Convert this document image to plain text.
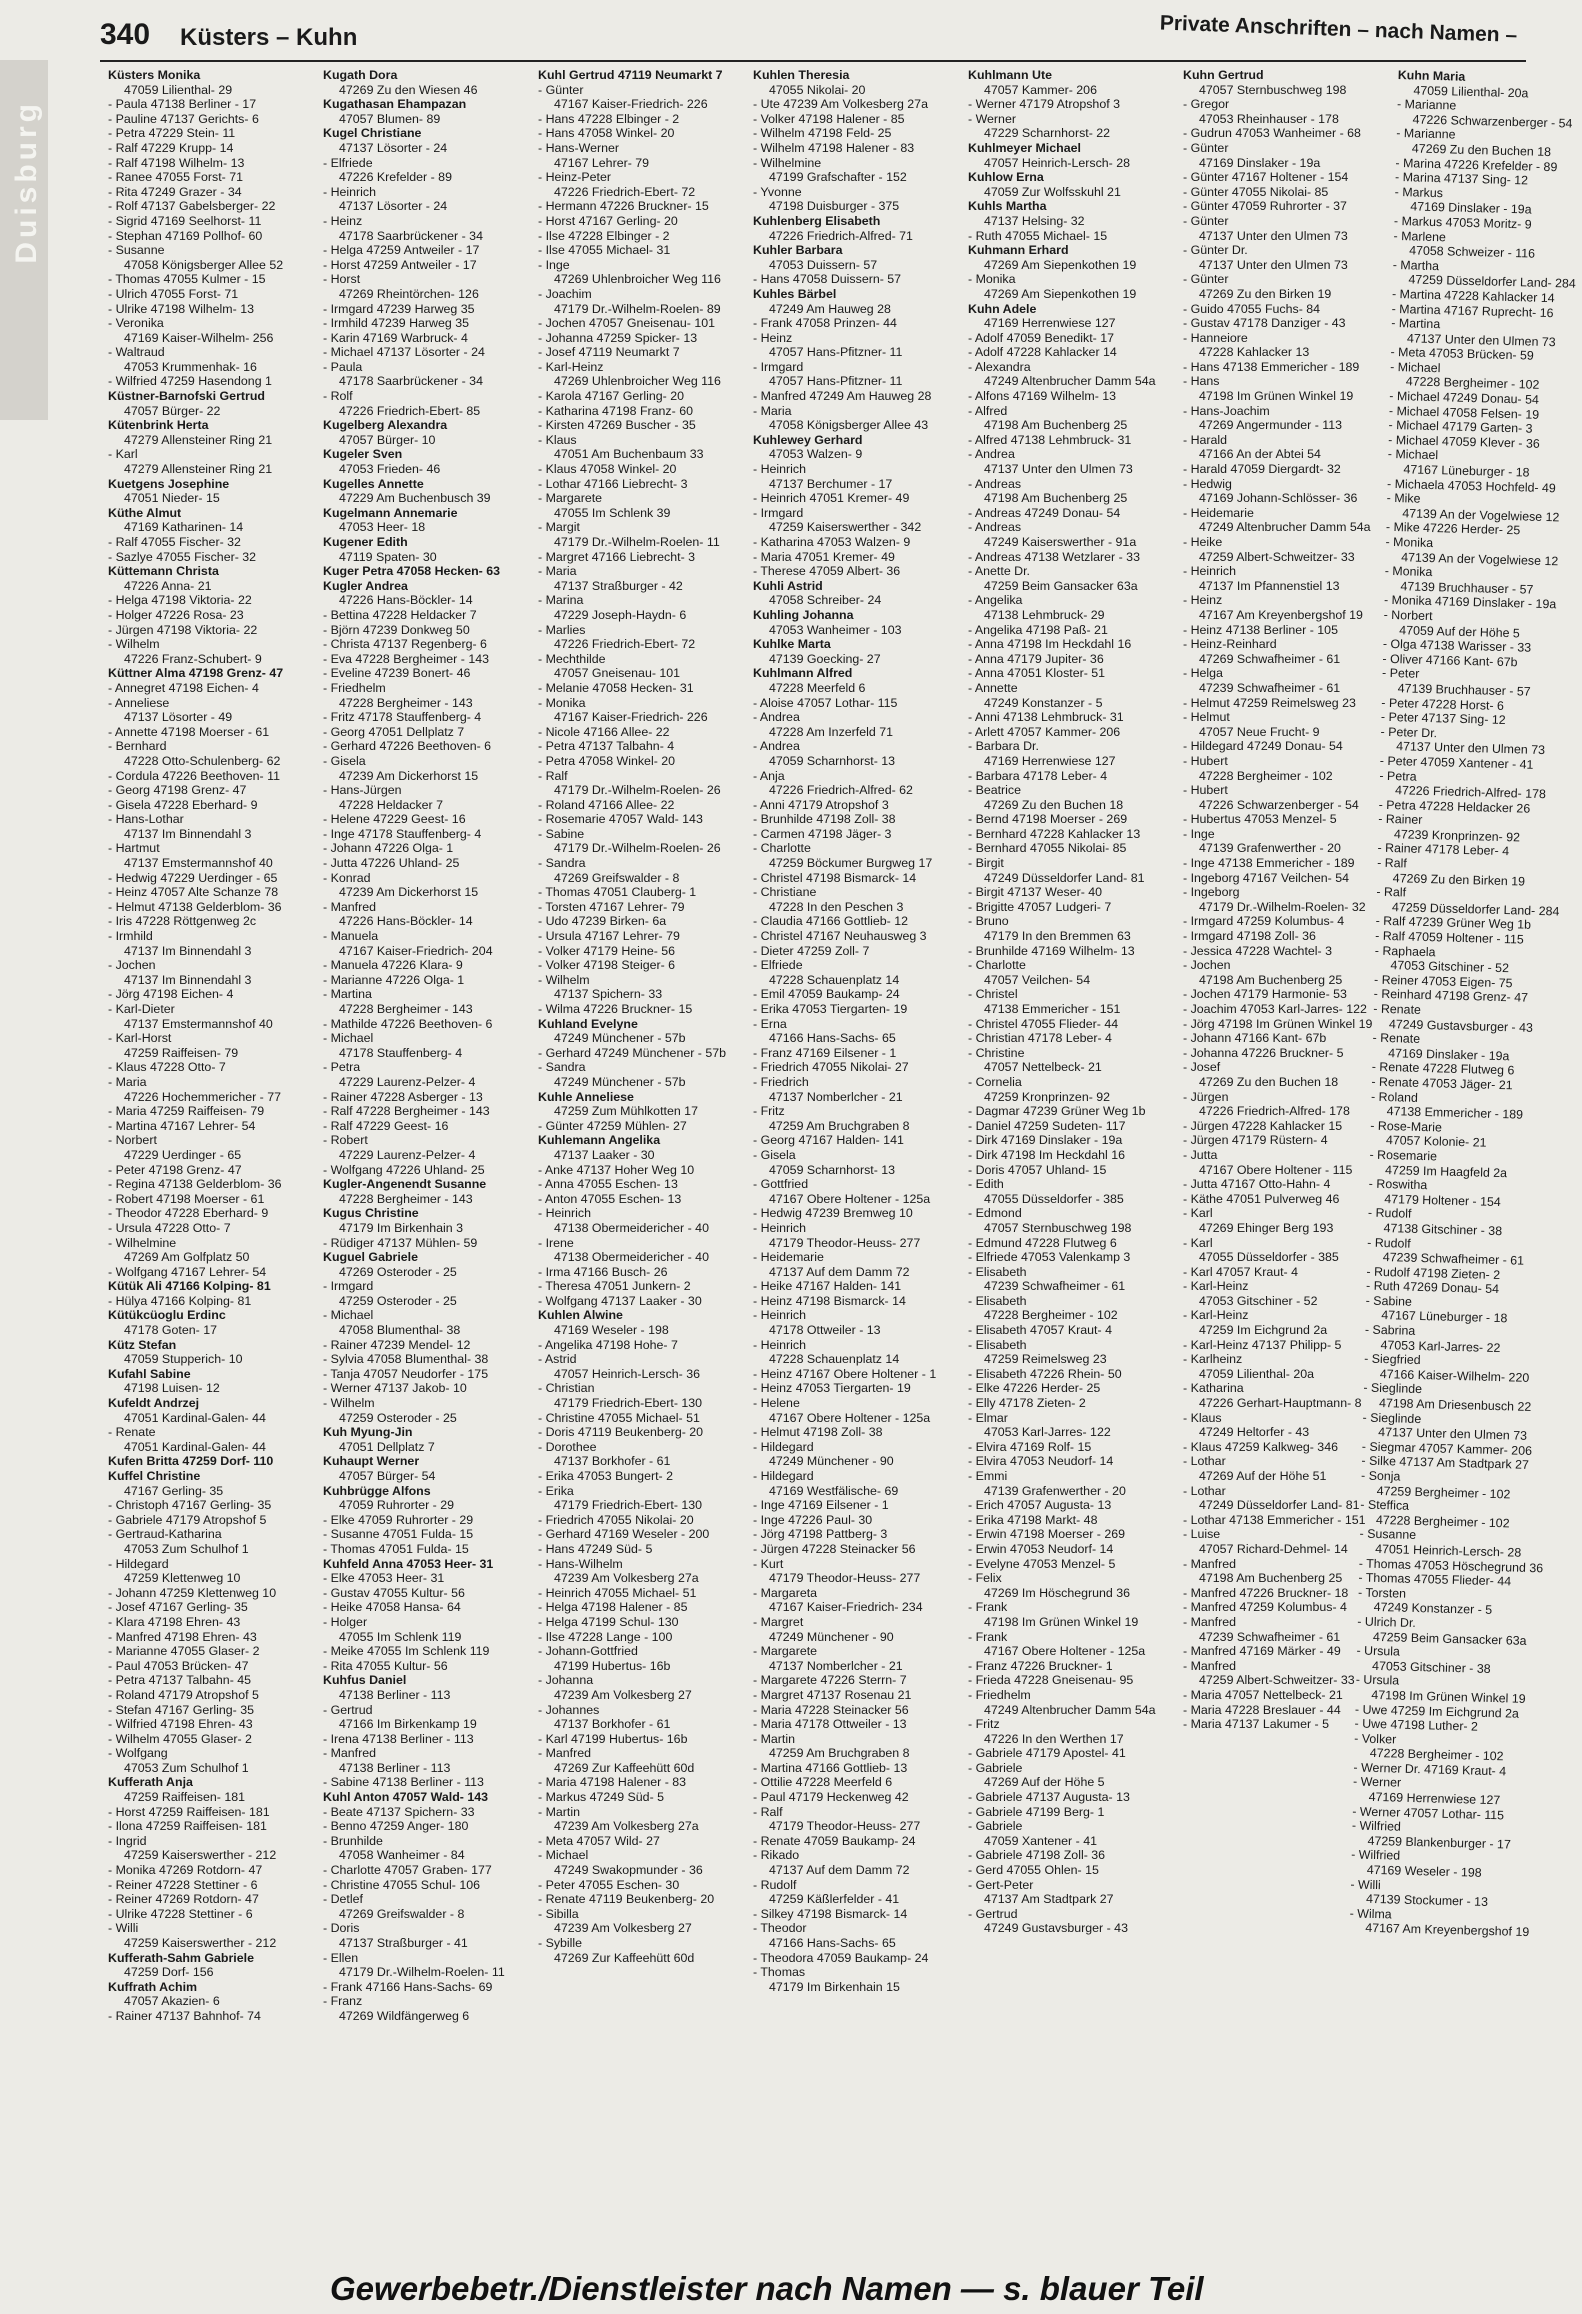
Duisburg
340 Küsters – Kuhn	Private Anschriften – nach Namen –
Küsters Monika
47059 Lilienthal- 29
- Paula 47138 Berliner - 17
- Pauline 47137 Gerichts- 6
- Petra 47229 Stein- 11
- Ralf 47229 Krupp- 14
- Ralf 47198 Wilhelm- 13
- Ranee 47055 Forst- 71
- Rita 47249 Grazer - 34
- Rolf 47137 Gabelsberger- 22
- Sigrid 47169 Seelhorst- 11
- Stephan 47169 Pollhof- 60
- Susanne
47058 Königsberger Allee 52
- Thomas 47055 Kulmer - 15
- Ulrich 47055 Forst- 71
- Ulrike 47198 Wilhelm- 13
- Veronika
47169 Kaiser-Wilhelm- 256
- Waltraud
47053 Krummenhak- 16
- Wilfried 47259 Hasendong 1
Küstner-Barnofski Gertrud
47057 Bürger- 22
Kütenbrink Herta
47279 Allensteiner Ring 21
- Karl
47279 Allensteiner Ring 21
Kuetgens Josephine
47051 Nieder- 15
Küthe Almut
47169 Katharinen- 14
- Ralf 47055 Fischer- 32
- Sazlye 47055 Fischer- 32
Küttemann Christa
47226 Anna- 21
- Helga 47198 Viktoria- 22
- Holger 47226 Rosa- 23
- Jürgen 47198 Viktoria- 22
- Wilhelm
47226 Franz-Schubert- 9
Küttner Alma 47198 Grenz- 47
- Annegret 47198 Eichen- 4
- Anneliese
47137 Lösorter - 49
- Annette 47198 Moerser - 61
- Bernhard
47228 Otto-Schulenberg- 62
- Cordula 47226 Beethoven- 11
- Georg 47198 Grenz- 47
- Gisela 47228 Eberhard- 9
- Hans-Lothar
47137 Im Binnendahl 3
- Hartmut
47137 Emstermannshof 40
- Hedwig 47229 Uerdinger - 65
- Heinz 47057 Alte Schanze 78
- Helmut 47138 Gelderblom- 36
- Iris 47228 Röttgenweg 2c
- Irmhild
47137 Im Binnendahl 3
- Jochen
47137 Im Binnendahl 3
- Jörg 47198 Eichen- 4
- Karl-Dieter
47137 Emstermannshof 40
- Karl-Horst
47259 Raiffeisen- 79
- Klaus 47228 Otto- 7
- Maria
47226 Hochemmericher - 77
- Maria 47259 Raiffeisen- 79
- Martina 47167 Lehrer- 54
- Norbert
47229 Uerdinger - 65
- Peter 47198 Grenz- 47
- Regina 47138 Gelderblom- 36
- Robert 47198 Moerser - 61
- Theodor 47228 Eberhard- 9
- Ursula 47228 Otto- 7
- Wilhelmine
47269 Am Golfplatz 50
- Wolfgang 47167 Lehrer- 54
Kütük Ali 47166 Kolping- 81
- Hülya 47166 Kolping- 81
Kütükcüoglu Erdinc
47178 Goten- 17
Kütz Stefan
47059 Stupperich- 10
Kufahl Sabine
47198 Luisen- 12
Kufeldt Andrzej
47051 Kardinal-Galen- 44
- Renate
47051 Kardinal-Galen- 44
Kufen Britta 47259 Dorf- 110
Kuffel Christine
47167 Gerling- 35
- Christoph 47167 Gerling- 35
- Gabriele 47179 Atropshof 5
- Gertraud-Katharina
47053 Zum Schulhof 1
- Hildegard
47259 Klettenweg 10
- Johann 47259 Klettenweg 10
- Josef 47167 Gerling- 35
- Klara 47198 Ehren- 43
- Manfred 47198 Ehren- 43
- Marianne 47055 Glaser- 2
- Paul 47053 Brücken- 47
- Petra 47137 Talbahn- 45
- Roland 47179 Atropshof 5
- Stefan 47167 Gerling- 35
- Wilfried 47198 Ehren- 43
- Wilhelm 47055 Glaser- 2
- Wolfgang
47053 Zum Schulhof 1
Kufferath Anja
47259 Raiffeisen- 181
- Horst 47259 Raiffeisen- 181
- Ilona 47259 Raiffeisen- 181
- Ingrid
47259 Kaiserswerther - 212
- Monika 47269 Rotdorn- 47
- Reiner 47228 Stettiner - 6
- Reiner 47269 Rotdorn- 47
- Ulrike 47228 Stettiner - 6
- Willi
47259 Kaiserswerther - 212
Kufferath-Sahm Gabriele
47259 Dorf- 156
Kuffrath Achim
47057 Akazien- 6
- Rainer 47137 Bahnhof- 74
Kugath Dora
47269 Zu den Wiesen 46
Kugathasan Ehampazan
47057 Blumen- 89
Kugel Christiane
47137 Lösorter - 24
- Elfriede
47226 Krefelder - 89
- Heinrich
47137 Lösorter - 24
- Heinz
47178 Saarbrückener - 34
- Helga 47259 Antweiler - 17
- Horst 47259 Antweiler - 17
- Horst
47269 Rheintörchen- 126
- Irmgard 47239 Harweg 35
- Irmhild 47239 Harweg 35
- Karin 47169 Warbruck- 4
- Michael 47137 Lösorter - 24
- Paula
47178 Saarbrückener - 34
- Rolf
47226 Friedrich-Ebert- 85
Kugelberg Alexandra
47057 Bürger- 10
Kugeler Sven
47053 Frieden- 46
Kugelles Annette
47229 Am Buchenbusch 39
Kugelmann Annemarie
47053 Heer- 18
Kugener Edith
47119 Spaten- 30
Kuger Petra 47058 Hecken- 63
Kugler Andrea
47226 Hans-Böckler- 14
- Bettina 47228 Heldacker 7
- Björn 47239 Donkweg 50
- Christa 47137 Regenberg- 6
- Eva 47228 Bergheimer - 143
- Eveline 47239 Bonert- 46
- Friedhelm
47228 Bergheimer - 143
- Fritz 47178 Stauffenberg- 4
- Georg 47051 Dellplatz 7
- Gerhard 47226 Beethoven- 6
- Gisela
47239 Am Dickerhorst 15
- Hans-Jürgen
47228 Heldacker 7
- Helene 47229 Geest- 16
- Inge 47178 Stauffenberg- 4
- Johann 47226 Olga- 1
- Jutta 47226 Uhland- 25
- Konrad
47239 Am Dickerhorst 15
- Manfred
47226 Hans-Böckler- 14
- Manuela
47167 Kaiser-Friedrich- 204
- Manuela 47226 Klara- 9
- Marianne 47226 Olga- 1
- Martina
47228 Bergheimer - 143
- Mathilde 47226 Beethoven- 6
- Michael
47178 Stauffenberg- 4
- Petra
47229 Laurenz-Pelzer- 4
- Rainer 47228 Asberger - 13
- Ralf 47228 Bergheimer - 143
- Ralf 47229 Geest- 16
- Robert
47229 Laurenz-Pelzer- 4
- Wolfgang 47226 Uhland- 25
Kugler-Angenendt Susanne
47228 Bergheimer - 143
Kugus Christine
47179 Im Birkenhain 3
- Rüdiger 47137 Mühlen- 59
Kuguel Gabriele
47269 Osteroder - 25
- Irmgard
47259 Osteroder - 25
- Michael
47058 Blumenthal- 38
- Rainer 47239 Mendel- 12
- Sylvia 47058 Blumenthal- 38
- Tanja 47057 Neudorfer - 175
- Werner 47137 Jakob- 10
- Wilhelm
47259 Osteroder - 25
Kuh Myung-Jin
47051 Dellplatz 7
Kuhaupt Werner
47057 Bürger- 54
Kuhbrügge Alfons
47059 Ruhrorter - 29
- Elke 47059 Ruhrorter - 29
- Susanne 47051 Fulda- 15
- Thomas 47051 Fulda- 15
Kuhfeld Anna 47053 Heer- 31
- Elke 47053 Heer- 31
- Gustav 47055 Kultur- 56
- Heike 47058 Hansa- 64
- Holger
47055 Im Schlenk 119
- Meike 47055 Im Schlenk 119
- Rita 47055 Kultur- 56
Kuhfus Daniel
47138 Berliner - 113
- Gertrud
47166 Im Birkenkamp 19
- Irena 47138 Berliner - 113
- Manfred
47138 Berliner - 113
- Sabine 47138 Berliner - 113
Kuhl Anton 47057 Wald- 143
- Beate 47137 Spichern- 33
- Benno 47259 Anger- 180
- Brunhilde
47058 Wanheimer - 84
- Charlotte 47057 Graben- 177
- Christine 47055 Schul- 106
- Detlef
47269 Greifswalder - 8
- Doris
47137 Straßburger - 41
- Ellen
47179 Dr.-Wilhelm-Roelen- 11
- Frank 47166 Hans-Sachs- 69
- Franz
47269 Wildfängerweg 6
Kuhl Gertrud 47119 Neumarkt 7
- Günter
47167 Kaiser-Friedrich- 226
- Hans 47228 Elbinger - 2
- Hans 47058 Winkel- 20
- Hans-Werner
47167 Lehrer- 79
- Heinz-Peter
47226 Friedrich-Ebert- 72
- Hermann 47226 Bruckner- 15
- Horst 47167 Gerling- 20
- Ilse 47228 Elbinger - 2
- Ilse 47055 Michael- 31
- Inge
47269 Uhlenbroicher Weg 116
- Joachim
47179 Dr.-Wilhelm-Roelen- 89
- Jochen 47057 Gneisenau- 101
- Johanna 47259 Spicker- 13
- Josef 47119 Neumarkt 7
- Karl-Heinz
47269 Uhlenbroicher Weg 116
- Karola 47167 Gerling- 20
- Katharina 47198 Franz- 60
- Kirsten 47269 Buscher - 35
- Klaus
47051 Am Buchenbaum 33
- Klaus 47058 Winkel- 20
- Lothar 47166 Liebrecht- 3
- Margarete
47055 Im Schlenk 39
- Margit
47179 Dr.-Wilhelm-Roelen- 11
- Margret 47166 Liebrecht- 3
- Maria
47137 Straßburger - 42
- Marina
47229 Joseph-Haydn- 6
- Marlies
47226 Friedrich-Ebert- 72
- Mechthilde
47057 Gneisenau- 101
- Melanie 47058 Hecken- 31
- Monika
47167 Kaiser-Friedrich- 226
- Nicole 47166 Allee- 22
- Petra 47137 Talbahn- 4
- Petra 47058 Winkel- 20
- Ralf
47179 Dr.-Wilhelm-Roelen- 26
- Roland 47166 Allee- 22
- Rosemarie 47057 Wald- 143
- Sabine
47179 Dr.-Wilhelm-Roelen- 26
- Sandra
47269 Greifswalder - 8
- Thomas 47051 Clauberg- 1
- Torsten 47167 Lehrer- 79
- Udo 47239 Birken- 6a
- Ursula 47167 Lehrer- 79
- Volker 47179 Heine- 56
- Volker 47198 Steiger- 6
- Wilhelm
47137 Spichern- 33
- Wilma 47226 Bruckner- 15
Kuhland Evelyne
47249 Münchener - 57b
- Gerhard 47249 Münchener - 57b
- Sandra
47249 Münchener - 57b
Kuhle Anneliese
47259 Zum Mühlkotten 17
- Günter 47259 Mühlen- 27
Kuhlemann Angelika
47137 Laaker - 30
- Anke 47137 Hoher Weg 10
- Anna 47055 Eschen- 13
- Anton 47055 Eschen- 13
- Heinrich
47138 Obermeidericher - 40
- Irene
47138 Obermeidericher - 40
- Irma 47166 Busch- 26
- Theresa 47051 Junkern- 2
- Wolfgang 47137 Laaker - 30
Kuhlen Alwine
47169 Weseler - 198
- Angelika 47198 Hohe- 7
- Astrid
47057 Heinrich-Lersch- 36
- Christian
47179 Friedrich-Ebert- 130
- Christine 47055 Michael- 51
- Doris 47119 Beukenberg- 20
- Dorothee
47137 Borkhofer - 61
- Erika 47053 Bungert- 2
- Erika
47179 Friedrich-Ebert- 130
- Friedrich 47055 Nikolai- 20
- Gerhard 47169 Weseler - 200
- Hans 47249 Süd- 5
- Hans-Wilhelm
47239 Am Volkesberg 27a
- Heinrich 47055 Michael- 51
- Helga 47198 Halener - 85
- Helga 47199 Schul- 130
- Ilse 47228 Lange - 100
- Johann-Gottfried
47199 Hubertus- 16b
- Johanna
47239 Am Volkesberg 27
- Johannes
47137 Borkhofer - 61
- Karl 47199 Hubertus- 16b
- Manfred
47269 Zur Kaffeehütt 60d
- Maria 47198 Halener - 83
- Markus 47249 Süd- 5
- Martin
47239 Am Volkesberg 27a
- Meta 47057 Wild- 27
- Michael
47249 Swakopmunder - 36
- Peter 47055 Eschen- 30
- Renate 47119 Beukenberg- 20
- Sibilla
47239 Am Volkesberg 27
- Sybille
47269 Zur Kaffeehütt 60d
Kuhlen Theresia
47055 Nikolai- 20
- Ute 47239 Am Volkesberg 27a
- Volker 47198 Halener - 85
- Wilhelm 47198 Feld- 25
- Wilhelm 47198 Halener - 83
- Wilhelmine
47199 Grafschafter - 152
- Yvonne
47198 Duisburger - 375
Kuhlenberg Elisabeth
47226 Friedrich-Alfred- 71
Kuhler Barbara
47053 Duissern- 57
- Hans 47058 Duissern- 57
Kuhles Bärbel
47249 Am Hauweg 28
- Frank 47058 Prinzen- 44
- Heinz
47057 Hans-Pfitzner- 11
- Irmgard
47057 Hans-Pfitzner- 11
- Manfred 47249 Am Hauweg 28
- Maria
47058 Königsberger Allee 43
Kuhlewey Gerhard
47053 Walzen- 9
- Heinrich
47137 Berchumer - 17
- Heinrich 47051 Kremer- 49
- Irmgard
47259 Kaiserswerther - 342
- Katharina 47053 Walzen- 9
- Maria 47051 Kremer- 49
- Therese 47059 Albert- 36
Kuhli Astrid
47058 Schreiber- 24
Kuhling Johanna
47053 Wanheimer - 103
Kuhlke Marta
47139 Goecking- 27
Kuhlmann Alfred
47228 Meerfeld 6
- Aloise 47057 Lothar- 115
- Andrea
47228 Am Inzerfeld 71
- Andrea
47059 Scharnhorst- 13
- Anja
47226 Friedrich-Alfred- 62
- Anni 47179 Atropshof 3
- Brunhilde 47198 Zoll- 38
- Carmen 47198 Jäger- 3
- Charlotte
47259 Böckumer Burgweg 17
- Christel 47198 Bismarck- 14
- Christiane
47228 In den Peschen 3
- Claudia 47166 Gottlieb- 12
- Christel 47167 Neuhausweg 3
- Dieter 47259 Zoll- 7
- Elfriede
47228 Schauenplatz 14
- Emil 47059 Baukamp- 24
- Erika 47053 Tiergarten- 19
- Erna
47166 Hans-Sachs- 65
- Franz 47169 Eilsener - 1
- Friedrich 47055 Nikolai- 27
- Friedrich
47137 Nomberlcher - 21
- Fritz
47259 Am Bruchgraben 8
- Georg 47167 Halden- 141
- Gisela
47059 Scharnhorst- 13
- Gottfried
47167 Obere Holtener - 125a
- Hedwig 47239 Bremweg 10
- Heinrich
47179 Theodor-Heuss- 277
- Heidemarie
47137 Auf dem Damm 72
- Heike 47167 Halden- 141
- Heinz 47198 Bismarck- 14
- Heinrich
47178 Ottweiler - 13
- Heinrich
47228 Schauenplatz 14
- Heinz 47167 Obere Holtener - 1
- Heinz 47053 Tiergarten- 19
- Helene
47167 Obere Holtener - 125a
- Helmut 47198 Zoll- 38
- Hildegard
47249 Münchener - 90
- Hildegard
47169 Westfälische- 69
- Inge 47169 Eilsener - 1
- Inge 47226 Paul- 30
- Jörg 47198 Pattberg- 3
- Jürgen 47228 Steinacker 56
- Kurt
47179 Theodor-Heuss- 277
- Margareta
47167 Kaiser-Friedrich- 234
- Margret
47249 Münchener - 90
- Margarete
47137 Nomberlcher - 21
- Margarete 47226 Sterrn- 7
- Margret 47137 Rosenau 21
- Maria 47228 Steinacker 56
- Maria 47178 Ottweiler - 13
- Martin
47259 Am Bruchgraben 8
- Martina 47166 Gottlieb- 13
- Ottilie 47228 Meerfeld 6
- Paul 47179 Heckenweg 42
- Ralf
47179 Theodor-Heuss- 277
- Renate 47059 Baukamp- 24
- Rikado
47137 Auf dem Damm 72
- Rudolf
47259 Käßlerfelder - 41
- Silkey 47198 Bismarck- 14
- Theodor
47166 Hans-Sachs- 65
- Theodora 47059 Baukamp- 24
- Thomas
47179 Im Birkenhain 15
Kuhlmann Ute
47057 Kammer- 206
- Werner 47179 Atropshof 3
- Werner
47229 Scharnhorst- 22
Kuhlmeyer Michael
47057 Heinrich-Lersch- 28
Kuhlow Erna
47059 Zur Wolfsskuhl 21
Kuhls Martha
47137 Helsing- 32
- Ruth 47055 Michael- 15
Kuhmann Erhard
47269 Am Siepenkothen 19
- Monika
47269 Am Siepenkothen 19
Kuhn Adele
47169 Herrenwiese 127
- Adolf 47059 Benedikt- 17
- Adolf 47228 Kahlacker 14
- Alexandra
47249 Altenbrucher Damm 54a
- Alfons 47169 Wilhelm- 13
- Alfred
47198 Am Buchenberg 25
- Alfred 47138 Lehmbruck- 31
- Andrea
47137 Unter den Ulmen 73
- Andreas
47198 Am Buchenberg 25
- Andreas 47249 Donau- 54
- Andreas
47249 Kaiserswerther - 91a
- Andreas 47138 Wetzlarer - 33
- Anette Dr.
47259 Beim Gansacker 63a
- Angelika
47138 Lehmbruck- 29
- Angelika 47198 Paß- 21
- Anna 47198 Im Heckdahl 16
- Anna 47179 Jupiter- 36
- Anna 47051 Kloster- 51
- Annette
47249 Konstanzer - 5
- Anni 47138 Lehmbruck- 31
- Arlett 47057 Kammer- 206
- Barbara Dr.
47169 Herrenwiese 127
- Barbara 47178 Leber- 4
- Beatrice
47269 Zu den Buchen 18
- Bernd 47198 Moerser - 269
- Bernhard 47228 Kahlacker 13
- Bernhard 47055 Nikolai- 85
- Birgit
47249 Düsseldorfer Land- 81
- Birgit 47137 Weser- 40
- Brigitte 47057 Ludgeri- 7
- Bruno
47179 In den Bremmen 63
- Brunhilde 47169 Wilhelm- 13
- Charlotte
47057 Veilchen- 54
- Christel
47138 Emmericher - 151
- Christel 47055 Flieder- 44
- Christian 47178 Leber- 4
- Christine
47057 Nettelbeck- 21
- Cornelia
47259 Kronprinzen- 92
- Dagmar 47239 Grüner Weg 1b
- Daniel 47259 Sudeten- 117
- Dirk 47169 Dinslaker - 19a
- Dirk 47198 Im Heckdahl 16
- Doris 47057 Uhland- 15
- Edith
47055 Düsseldorfer - 385
- Edmond
47057 Sternbuschweg 198
- Edmund 47228 Flutweg 6
- Elfriede 47053 Valenkamp 3
- Elisabeth
47239 Schwafheimer - 61
- Elisabeth
47228 Bergheimer - 102
- Elisabeth 47057 Kraut- 4
- Elisabeth
47259 Reimelsweg 23
- Elisabeth 47226 Rhein- 50
- Elke 47226 Herder- 25
- Elly 47178 Zieten- 2
- Elmar
47053 Karl-Jarres- 122
- Elvira 47169 Rolf- 15
- Elvira 47053 Neudorf- 14
- Emmi
47139 Grafenwerther - 20
- Erich 47057 Augusta- 13
- Erika 47198 Markt- 48
- Erwin 47198 Moerser - 269
- Erwin 47053 Neudorf- 14
- Evelyne 47053 Menzel- 5
- Felix
47269 Im Höschegrund 36
- Frank
47198 Im Grünen Winkel 19
- Frank
47167 Obere Holtener - 125a
- Franz 47226 Bruckner- 1
- Frieda 47228 Gneisenau- 95
- Friedhelm
47249 Altenbrucher Damm 54a
- Fritz
47226 In den Werthen 17
- Gabriele 47179 Apostel- 41
- Gabriele
47269 Auf der Höhe 5
- Gabriele 47137 Augusta- 13
- Gabriele 47199 Berg- 1
- Gabriele
47059 Xantener - 41
- Gabriele 47198 Zoll- 36
- Gerd 47055 Ohlen- 15
- Gert-Peter
47137 Am Stadtpark 27
- Gertrud
47249 Gustavsburger - 43
Kuhn Gertrud
47057 Sternbuschweg 198
- Gregor
47053 Rheinhauser - 178
- Gudrun 47053 Wanheimer - 68
- Günter
47169 Dinslaker - 19a
- Günter 47167 Holtener - 154
- Günter 47055 Nikolai- 85
- Günter 47059 Ruhrorter - 37
- Günter
47137 Unter den Ulmen 73
- Günter Dr.
47137 Unter den Ulmen 73
- Günter
47269 Zu den Birken 19
- Guido 47055 Fuchs- 84
- Gustav 47178 Danziger - 43
- Hanneiore
47228 Kahlacker 13
- Hans 47138 Emmericher - 189
- Hans
47198 Im Grünen Winkel 19
- Hans-Joachim
47269 Angermunder - 113
- Harald
47166 An der Abtei 54
- Harald 47059 Diergardt- 32
- Hedwig
47169 Johann-Schlösser- 36
- Heidemarie
47249 Altenbrucher Damm 54a
- Heike
47259 Albert-Schweitzer- 33
- Heinrich
47137 Im Pfannenstiel 13
- Heinz
47167 Am Kreyenbergshof 19
- Heinz 47138 Berliner - 105
- Heinz-Reinhard
47269 Schwafheimer - 61
- Helga
47239 Schwafheimer - 61
- Helmut 47259 Reimelsweg 23
- Helmut
47057 Neue Frucht- 9
- Hildegard 47249 Donau- 54
- Hubert
47228 Bergheimer - 102
- Hubert
47226 Schwarzenberger - 54
- Hubertus 47053 Menzel- 5
- Inge
47139 Grafenwerther - 20
- Inge 47138 Emmericher - 189
- Ingeborg 47167 Veilchen- 54
- Ingeborg
47179 Dr.-Wilhelm-Roelen- 32
- Irmgard 47259 Kolumbus- 4
- Irmgard 47198 Zoll- 36
- Jessica 47228 Wachtel- 3
- Jochen
47198 Am Buchenberg 25
- Jochen 47179 Harmonie- 53
- Joachim 47053 Karl-Jarres- 122
- Jörg 47198 Im Grünen Winkel 19
- Johann 47166 Kant- 67b
- Johanna 47226 Bruckner- 5
- Josef
47269 Zu den Buchen 18
- Jürgen
47226 Friedrich-Alfred- 178
- Jürgen 47228 Kahlacker 15
- Jürgen 47179 Rüstern- 4
- Jutta
47167 Obere Holtener - 115
- Jutta 47167 Otto-Hahn- 4
- Käthe 47051 Pulverweg 46
- Karl
47269 Ehinger Berg 193
- Karl
47055 Düsseldorfer - 385
- Karl 47057 Kraut- 4
- Karl-Heinz
47053 Gitschiner - 52
- Karl-Heinz
47259 Im Eichgrund 2a
- Karl-Heinz 47137 Philipp- 5
- Karlheinz
47059 Lilienthal- 20a
- Katharina
47226 Gerhart-Hauptmann- 8
- Klaus
47249 Heltorfer - 43
- Klaus 47259 Kalkweg- 346
- Lothar
47269 Auf der Höhe 51
- Lothar
47249 Düsseldorfer Land- 81
- Lothar 47138 Emmericher - 151
- Luise
47057 Richard-Dehmel- 14
- Manfred
47198 Am Buchenberg 25
- Manfred 47226 Bruckner- 18
- Manfred 47259 Kolumbus- 4
- Manfred
47239 Schwafheimer - 61
- Manfred 47169 Märker - 49
- Manfred
47259 Albert-Schweitzer- 33
- Maria 47057 Nettelbeck- 21
- Maria 47228 Breslauer - 44
- Maria 47137 Lakumer - 5
Kuhn Maria
47059 Lilienthal- 20a
- Marianne
47226 Schwarzenberger - 54
- Marianne
47269 Zu den Buchen 18
- Marina 47226 Krefelder - 89
- Marina 47137 Sing- 12
- Markus
47169 Dinslaker - 19a
- Markus 47053 Moritz- 9
- Marlene
47058 Schweizer - 116
- Martha
47259 Düsseldorfer Land- 284
- Martina 47228 Kahlacker 14
- Martina 47167 Ruprecht- 16
- Martina
47137 Unter den Ulmen 73
- Meta 47053 Brücken- 59
- Michael
47228 Bergheimer - 102
- Michael 47249 Donau- 54
- Michael 47058 Felsen- 19
- Michael 47179 Garten- 3
- Michael 47059 Klever - 36
- Michael
47167 Lüneburger - 18
- Michaela 47053 Hochfeld- 49
- Mike
47139 An der Vogelwiese 12
- Mike 47226 Herder- 25
- Monika
47139 An der Vogelwiese 12
- Monika
47139 Bruchhauser - 57
- Monika 47169 Dinslaker - 19a
- Norbert
47059 Auf der Höhe 5
- Olga 47138 Warisser - 33
- Oliver 47166 Kant- 67b
- Peter
47139 Bruchhauser - 57
- Peter 47228 Horst- 6
- Peter 47137 Sing- 12
- Peter Dr.
47137 Unter den Ulmen 73
- Peter 47059 Xantener - 41
- Petra
47226 Friedrich-Alfred- 178
- Petra 47228 Heldacker 26
- Rainer
47239 Kronprinzen- 92
- Rainer 47178 Leber- 4
- Ralf
47269 Zu den Birken 19
- Ralf
47259 Düsseldorfer Land- 284
- Ralf 47239 Grüner Weg 1b
- Ralf 47059 Holtener - 115
- Raphaela
47053 Gitschiner - 52
- Reiner 47053 Eigen- 75
- Reinhard 47198 Grenz- 47
- Renate
47249 Gustavsburger - 43
- Renate
47169 Dinslaker - 19a
- Renate 47228 Flutweg 6
- Renate 47053 Jäger- 21
- Roland
47138 Emmericher - 189
- Rose-Marie
47057 Kolonie- 21
- Rosemarie
47259 Im Haagfeld 2a
- Roswitha
47179 Holtener - 154
- Rudolf
47138 Gitschiner - 38
- Rudolf
47239 Schwafheimer - 61
- Rudolf 47198 Zieten- 2
- Ruth 47269 Donau- 54
- Sabine
47167 Lüneburger - 18
- Sabrina
47053 Karl-Jarres- 22
- Siegfried
47166 Kaiser-Wilhelm- 220
- Sieglinde
47198 Am Driesenbusch 22
- Sieglinde
47137 Unter den Ulmen 73
- Siegmar 47057 Kammer- 206
- Silke 47137 Am Stadtpark 27
- Sonja
47259 Bergheimer - 102
- Steffica
47228 Bergheimer - 102
- Susanne
47051 Heinrich-Lersch- 28
- Thomas 47053 Höschegrund 36
- Thomas 47055 Flieder- 44
- Torsten
47249 Konstanzer - 5
- Ulrich Dr.
47259 Beim Gansacker 63a
- Ursula
47053 Gitschiner - 38
- Ursula
47198 Im Grünen Winkel 19
- Uwe 47259 Im Eichgrund 2a
- Uwe 47198 Luther- 2
- Volker
47228 Bergheimer - 102
- Werner Dr. 47169 Kraut- 4
- Werner
47169 Herrenwiese 127
- Werner 47057 Lothar- 115
- Wilfried
47259 Blankenburger - 17
- Wilfried
47169 Weseler - 198
- Willi
47139 Stockumer - 13
- Wilma
47167 Am Kreyenbergshof 19
Gewerbebetr./Dienstleister nach Namen — s. blauer Teil
